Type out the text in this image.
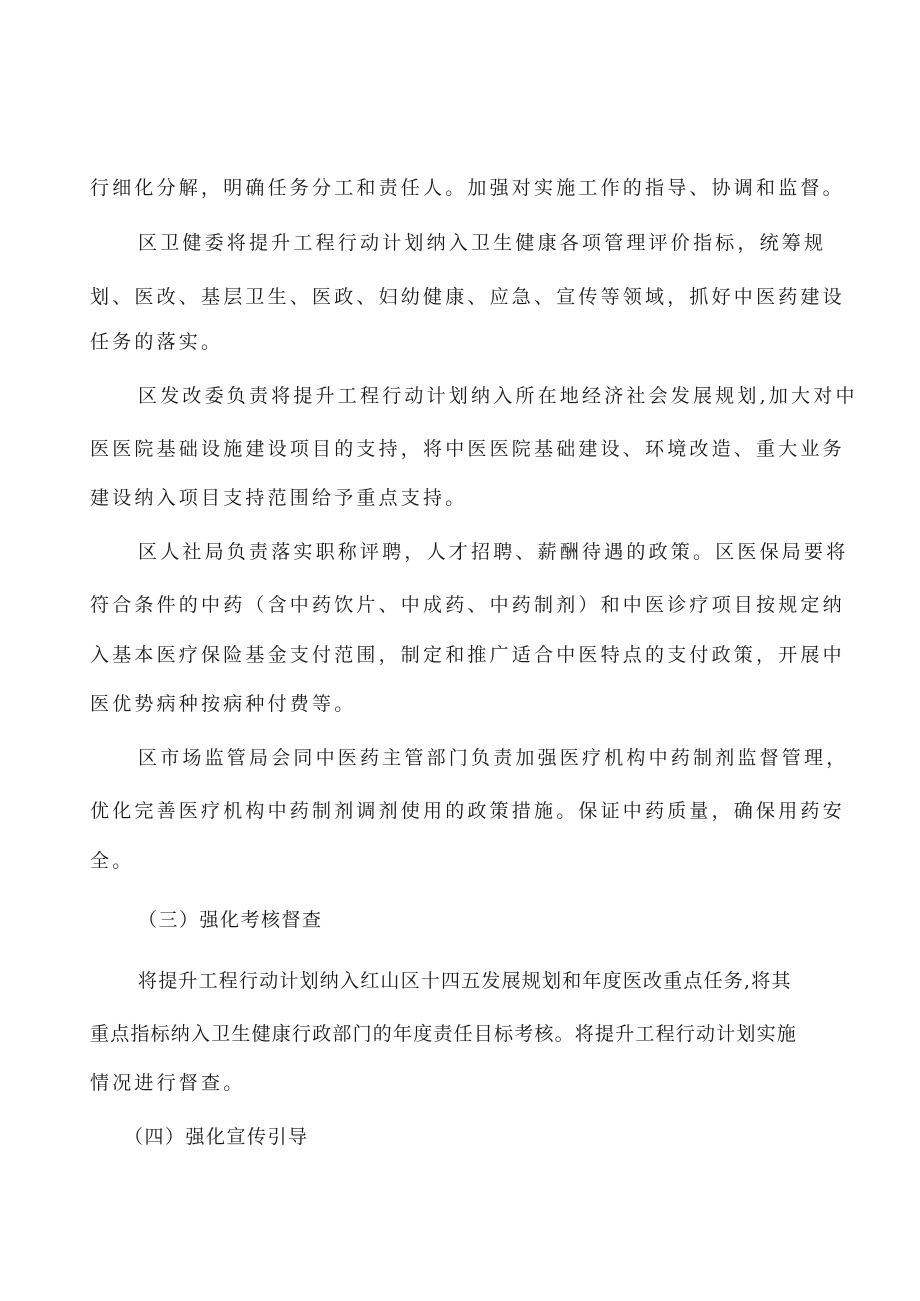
行细化分解，明确任务分工和责任人。加强对实施工作的指导、协调和监督。
区卫健委将提升工程行动计划纳入卫生健康各项管理评价指标，统筹规
划、医改、基层卫生、医政、妇幼健康、应急、宣传等领域，抓好中医药建设
任务的落实。
区发改委负责将提升工程行动计划纳入所在地经济社会发展规划,加大对中
医医院基础设施建设项目的支持，将中医医院基础建设、环境改造、重大业务
建设纳入项目支持范围给予重点支持。
区人社局负责落实职称评聘，人才招聘、薪酬待遇的政策。区医保局要将
符合条件的中药（含中药饮片、中成药、中药制剂）和中医诊疗项目按规定纳
入基本医疗保险基金支付范围，制定和推广适合中医特点的支付政策，开展中
医优势病种按病种付费等。
区市场监管局会同中医药主管部门负责加强医疗机构中药制剂监督管理，
优化完善医疗机构中药制剂调剂使用的政策措施。保证中药质量，确保用药安
全。
（三）强化考核督查
将提升工程行动计划纳入红山区十四五发展规划和年度医改重点任务,将其
重点指标纳入卫生健康行政部门的年度责任目标考核。将提升工程行动计划实施
情况进行督查。
（四）强化宣传引导
